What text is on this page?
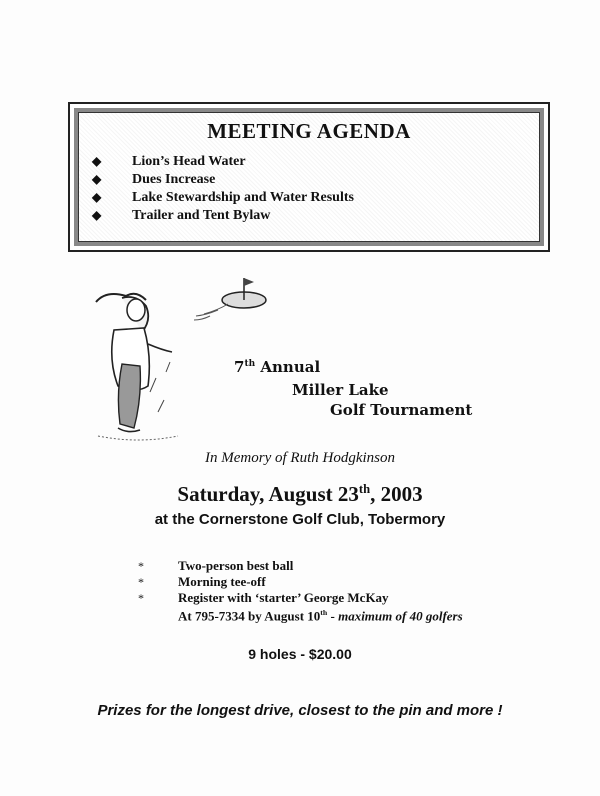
MEETING AGENDA
◆ Lion’s Head Water
◆ Dues Increase
◆ Lake Stewardship and Water Results
◆ Trailer and Tent Bylaw
7th Annual
Miller Lake
Golf Tournament
In Memory of Ruth Hodgkinson
Saturday, August 23th, 2003
at the Cornerstone Golf Club, Tobermory
*	Two-person best ball
*	Morning tee-off
*	Register with ‘starter’ George McKay
At 795-7334 by August 10th - maximum of 40 golfers
9 holes - $20.00
Prizes for the longest drive, closest to the pin and more !
